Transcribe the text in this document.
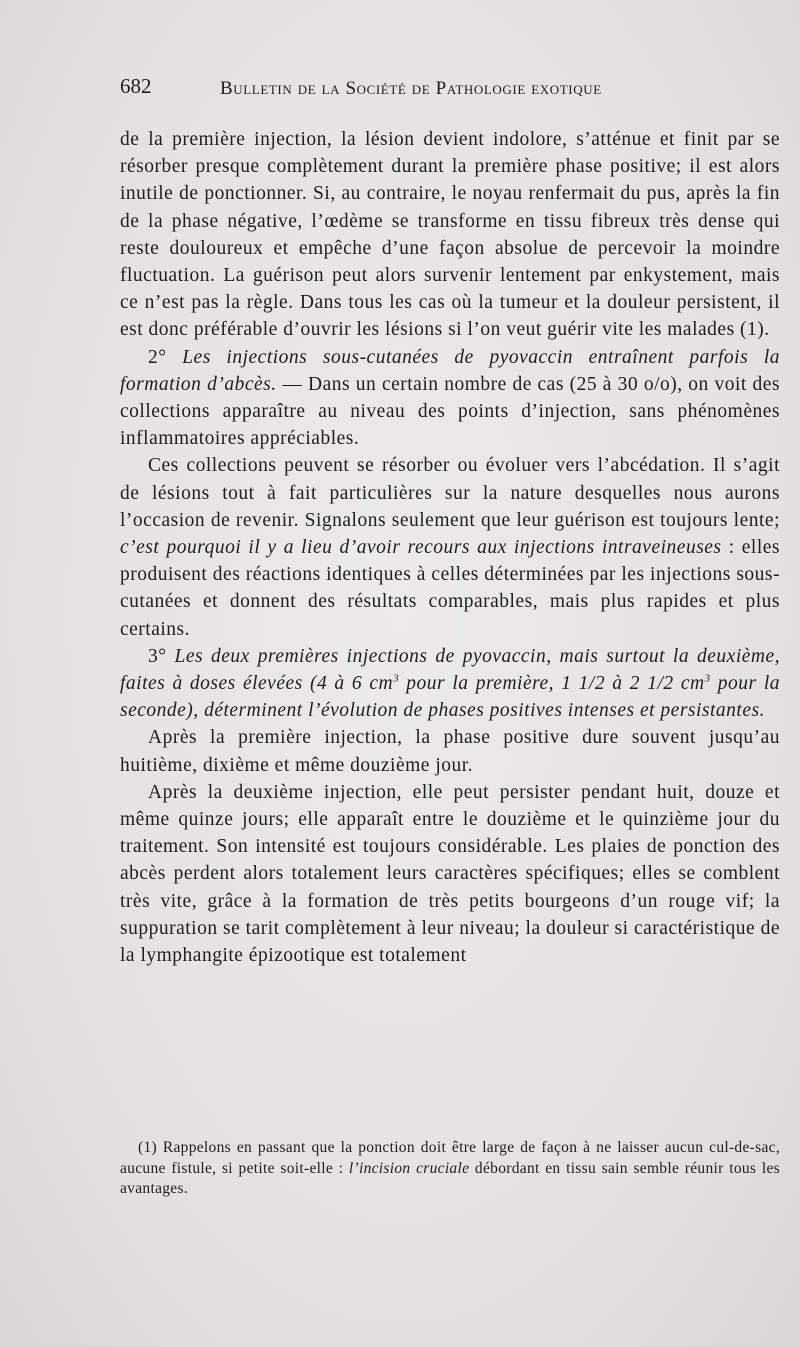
682	Bulletin de la Société de Pathologie exotique

de la première injection, la lésion devient indolore, s’atténue et finit par se résorber presque complètement durant la première phase positive; il est alors inutile de ponctionner. Si, au contraire, le noyau renfermait du pus, après la fin de la phase négative, l’œdème se transforme en tissu fibreux très dense qui reste douloureux et empêche d’une façon absolue de percevoir la moindre fluctuation. La guérison peut alors survenir lentement par enkystement, mais ce n’est pas la règle. Dans tous les cas où la tumeur et la douleur persistent, il est donc préférable d’ouvrir les lésions si l’on veut guérir vite les malades (1).

2° Les injections sous-cutanées de pyovaccin entraînent parfois la formation d’abcès. — Dans un certain nombre de cas (25 à 30 o/o), on voit des collections apparaître au niveau des points d’injection, sans phénomènes inflammatoires appréciables.

Ces collections peuvent se résorber ou évoluer vers l’abcédation. Il s’agit de lésions tout à fait particulières sur la nature desquelles nous aurons l’occasion de revenir. Signalons seulement que leur guérison est toujours lente; c’est pourquoi il y a lieu d’avoir recours aux injections intraveineuses : elles produisent des réactions identiques à celles déterminées par les injections sous-cutanées et donnent des résultats comparables, mais plus rapides et plus certains.

3° Les deux premières injections de pyovaccin, mais surtout la deuxième, faites à doses élevées (4 à 6 $cm^3$ pour la première, 1 1/2 à 2 1/2 $cm^3$ pour la seconde), déterminent l’évolution de phases positives intenses et persistantes.

Après la première injection, la phase positive dure souvent jusqu’au huitième, dixième et même douzième jour.

Après la deuxième injection, elle peut persister pendant huit, douze et même quinze jours; elle apparaît entre le douzième et le quinzième jour du traitement. Son intensité est toujours considérable. Les plaies de ponction des abcès perdent alors totalement leurs caractères spécifiques; elles se comblent très vite, grâce à la formation de très petits bourgeons d’un rouge vif; la suppuration se tarit complètement à leur niveau; la douleur si caractéristique de la lymphangite épizootique est totalement

(1) Rappelons en passant que la ponction doit être large de façon à ne laisser aucun cul-de-sac, aucune fistule, si petite soit-elle : l’incision cruciale débordant en tissu sain semble réunir tous les avantages.
